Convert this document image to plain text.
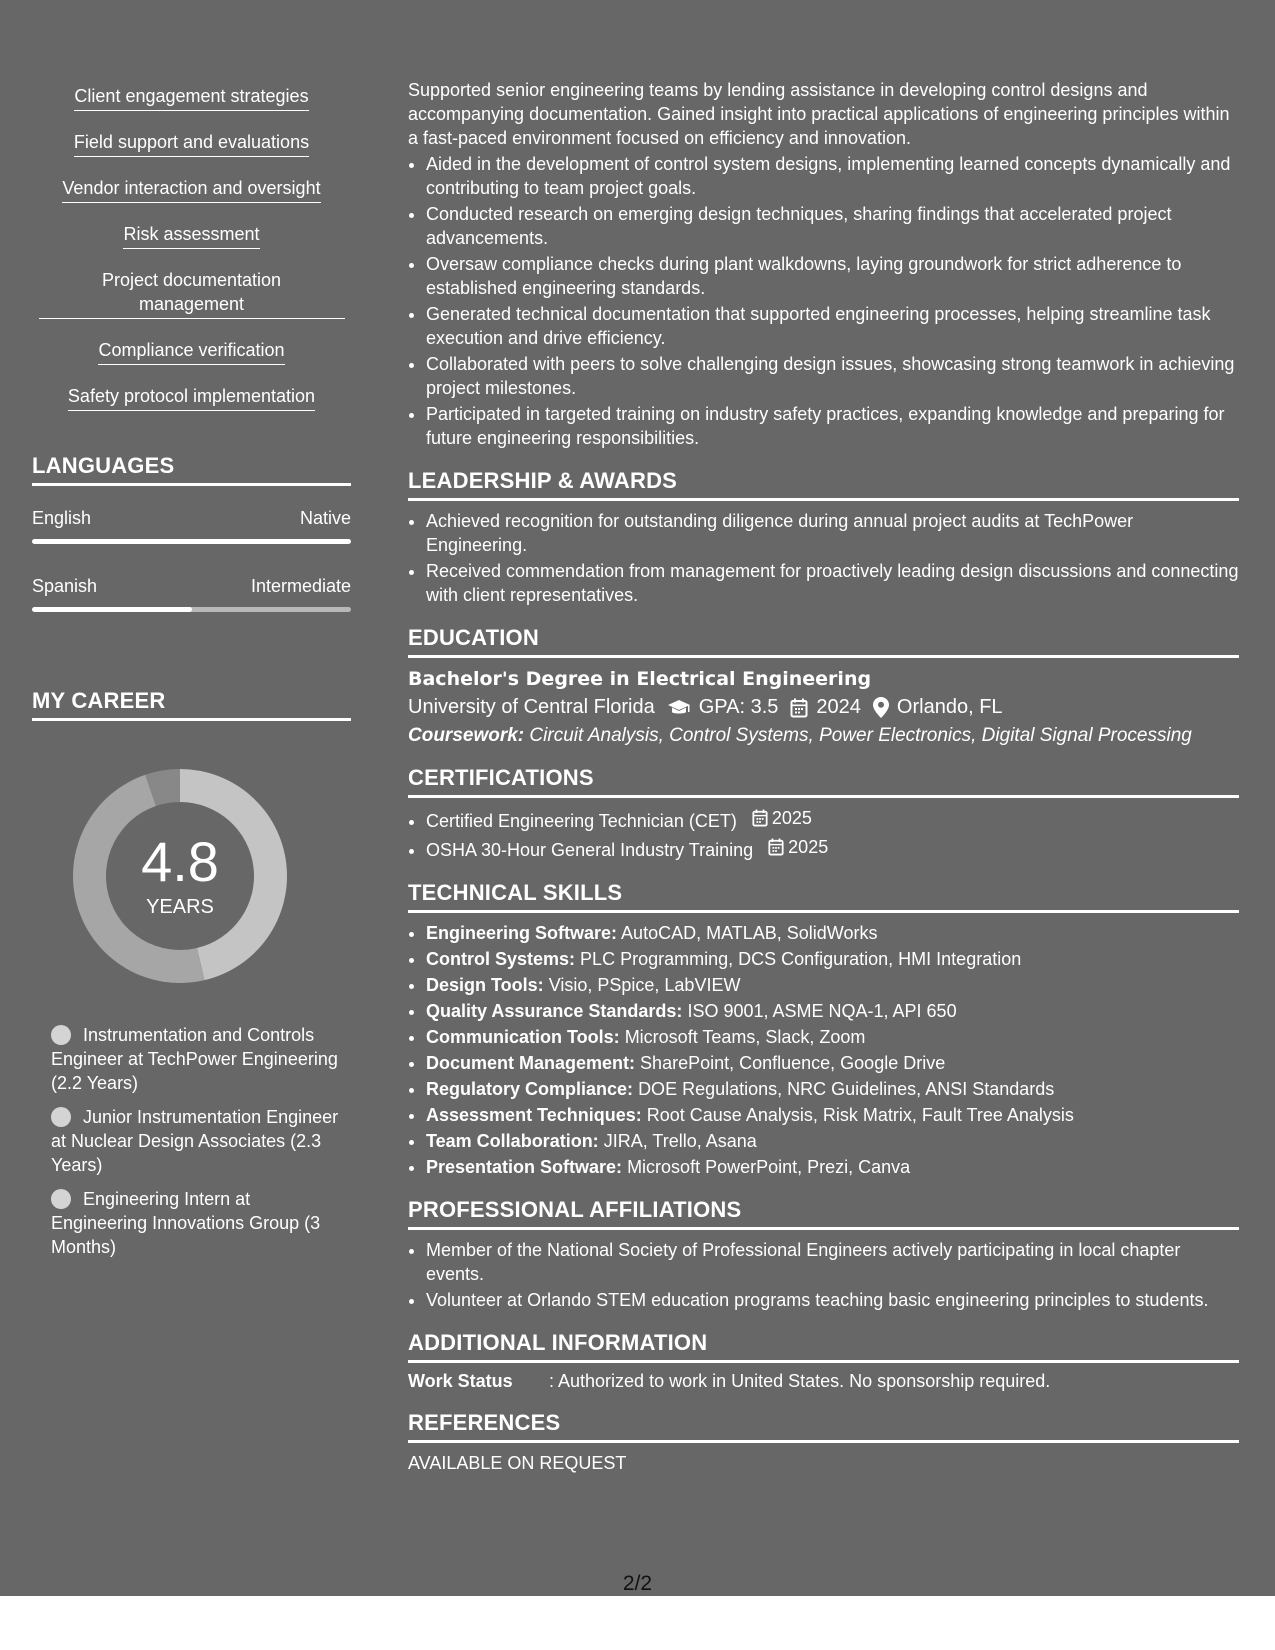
Client engagement strategies
Field support and evaluations
Vendor interaction and oversight
Risk assessment
Project documentation management
Compliance verification
Safety protocol implementation
LANGUAGES
English	Native
Spanish	Intermediate
MY CAREER
4.8
YEARS
Instrumentation and Controls Engineer at TechPower Engineering (2.2 Years)
Junior Instrumentation Engineer at Nuclear Design Associates (2.3 Years)
Engineering Intern at Engineering Innovations Group (3 Months)

Supported senior engineering teams by lending assistance in developing control designs and accompanying documentation. Gained insight into practical applications of engineering principles within a fast-paced environment focused on efficiency and innovation.

• Aided in the development of control system designs, implementing learned concepts dynamically and contributing to team project goals.
• Conducted research on emerging design techniques, sharing findings that accelerated project advancements.
• Oversaw compliance checks during plant walkdowns, laying groundwork for strict adherence to established engineering standards.
• Generated technical documentation that supported engineering processes, helping streamline task execution and drive efficiency.
• Collaborated with peers to solve challenging design issues, showcasing strong teamwork in achieving project milestones.
• Participated in targeted training on industry safety practices, expanding knowledge and preparing for future engineering responsibilities.
LEADERSHIP & AWARDS
• Achieved recognition for outstanding diligence during annual project audits at TechPower Engineering.
• Received commendation from management for proactively leading design discussions and connecting with client representatives.
EDUCATION
Bachelor's Degree in Electrical Engineering
University of Central Florida GPA: 3.5 2024 Orlando, FL
Coursework: Circuit Analysis, Control Systems, Power Electronics, Digital Signal Processing
CERTIFICATIONS
• Certified Engineering Technician (CET) 2025
• OSHA 30-Hour General Industry Training 2025
TECHNICAL SKILLS
• Engineering Software: AutoCAD, MATLAB, SolidWorks
• Control Systems: PLC Programming, DCS Configuration, HMI Integration
• Design Tools: Visio, PSpice, LabVIEW
• Quality Assurance Standards: ISO 9001, ASME NQA-1, API 650
• Communication Tools: Microsoft Teams, Slack, Zoom
• Document Management: SharePoint, Confluence, Google Drive
• Regulatory Compliance: DOE Regulations, NRC Guidelines, ANSI Standards
• Assessment Techniques: Root Cause Analysis, Risk Matrix, Fault Tree Analysis
• Team Collaboration: JIRA, Trello, Asana
• Presentation Software: Microsoft PowerPoint, Prezi, Canva
PROFESSIONAL AFFILIATIONS
• Member of the National Society of Professional Engineers actively participating in local chapter events.
• Volunteer at Orlando STEM education programs teaching basic engineering principles to students.
ADDITIONAL INFORMATION
Work Status	: Authorized to work in United States. No sponsorship required.
REFERENCES
AVAILABLE ON REQUEST
2/2
